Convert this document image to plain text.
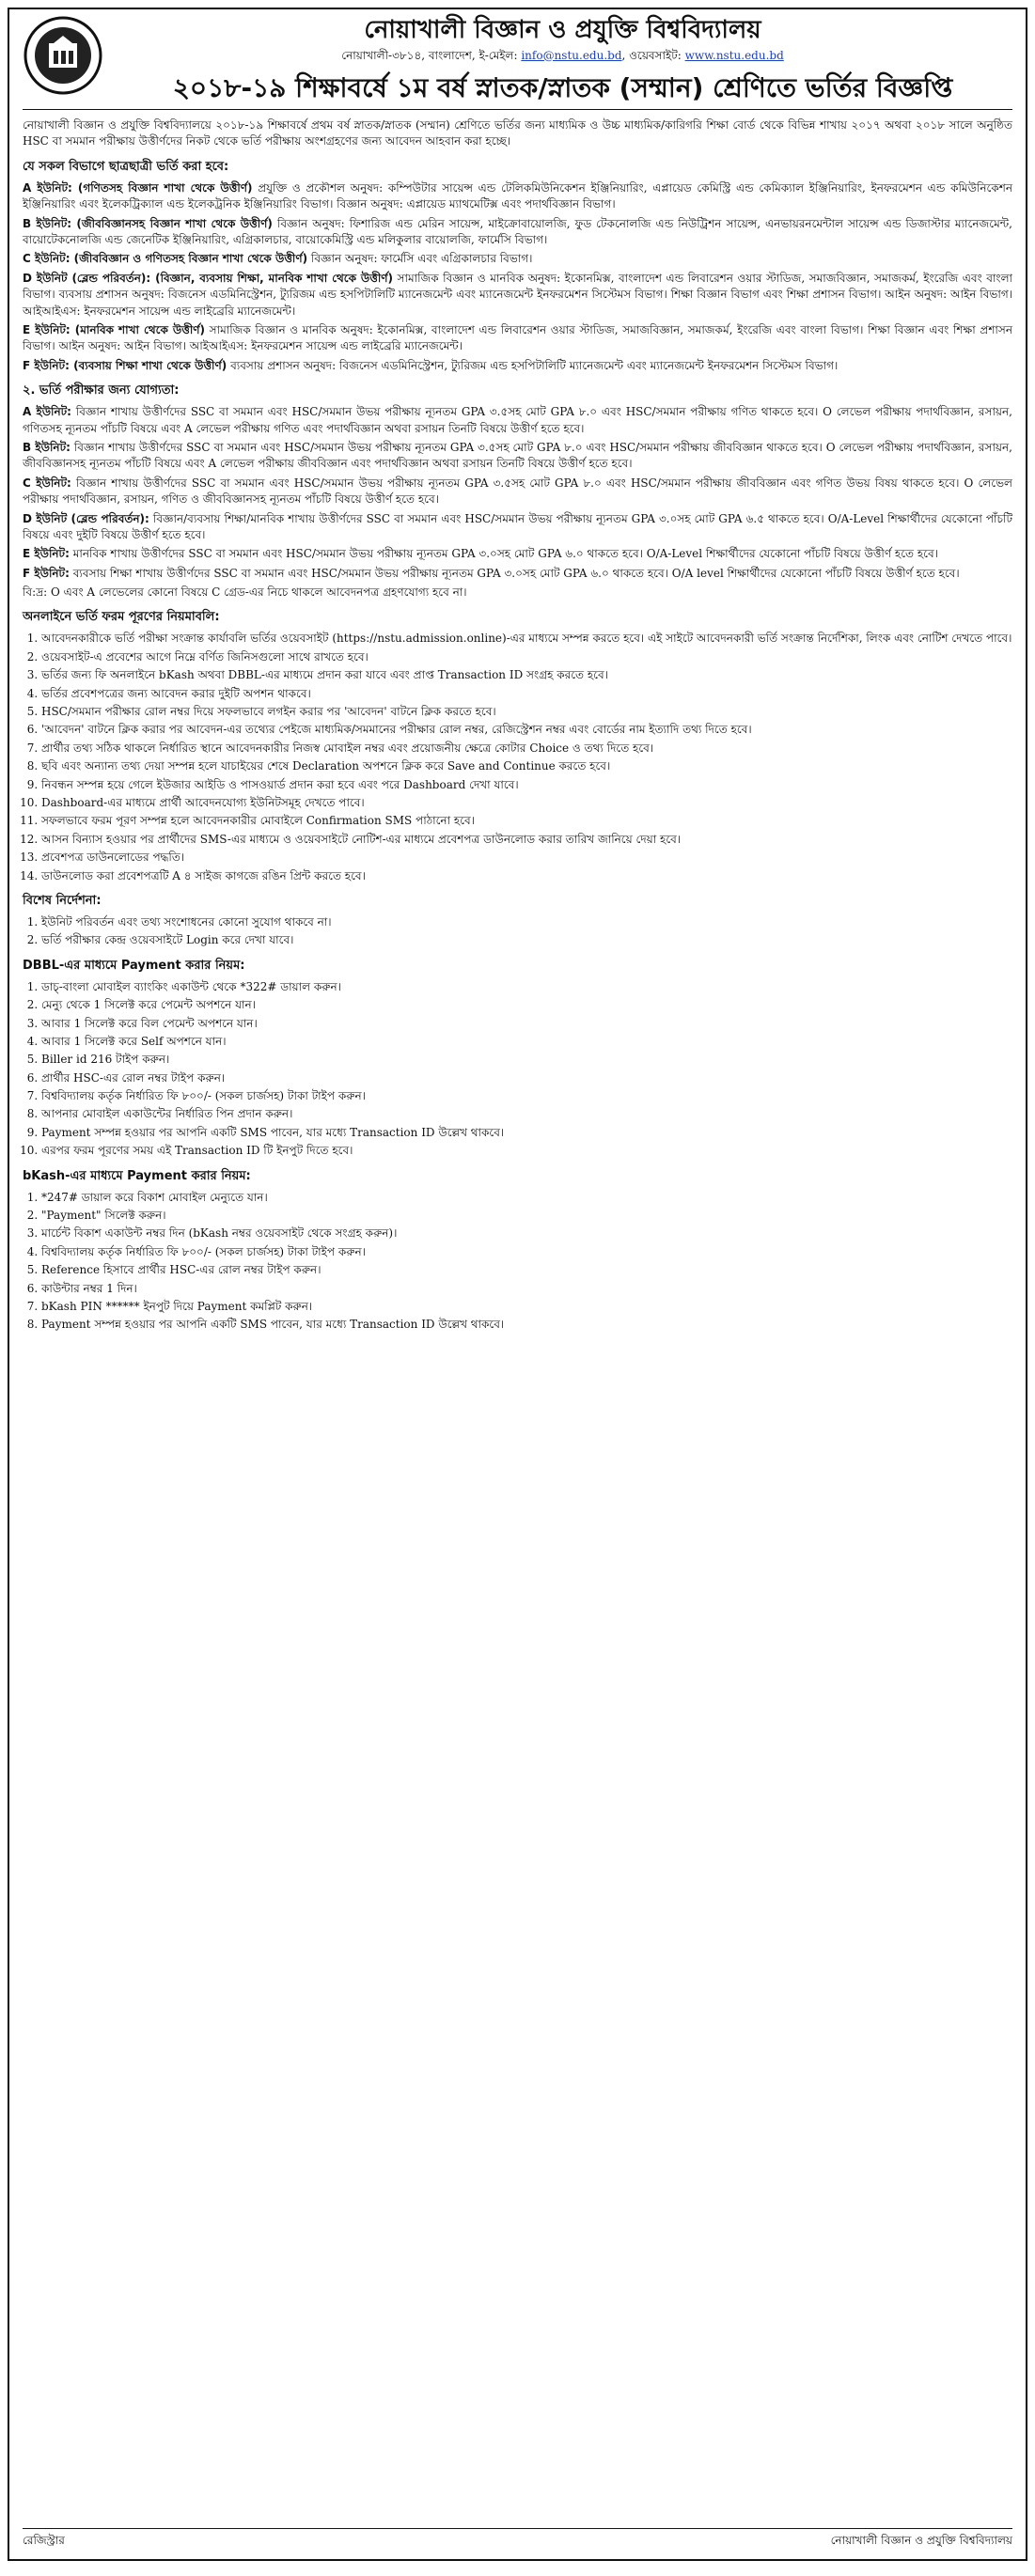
নোয়াখালী বিজ্ঞান ও প্রযুক্তি বিশ্ববিদ্যালয়

নোয়াখালী-৩৮১৪, বাংলাদেশ, ই-মেইল: info@nstu.edu.bd, ওয়েবসাইট: www.nstu.edu.bd

২০১৮-১৯ শিক্ষাবর্ষে ১ম বর্ষ স্নাতক/স্নাতক (সম্মান) শ্রেণিতে ভর্তির বিজ্ঞপ্তি

নোয়াখালী বিজ্ঞান ও প্রযুক্তি বিশ্ববিদ্যালয়ে ২০১৮-১৯ শিক্ষাবর্ষে প্রথম বর্ষ স্নাতক/স্নাতক (সম্মান) শ্রেণিতে ভর্তির জন্য মাধ্যমিক ও উচ্চ মাধ্যমিক/কারিগরি শিক্ষা বোর্ড থেকে বিভিন্ন শাখায় ২০১৭ অথবা ২০১৮ সালে অনুষ্ঠিত HSC বা সমমান পরীক্ষায় উত্তীর্ণদের নিকট থেকে ভর্তি পরীক্ষায় অংশগ্রহণের জন্য আবেদন আহবান করা হচ্ছে।

যে সকল বিভাগে ছাত্রছাত্রী ভর্তি করা হবে:
A ইউনিট: (গণিতসহ বিজ্ঞান শাখা থেকে উত্তীর্ণ) প্রযুক্তি ও প্রকৌশল অনুষদ: কম্পিউটার সায়েন্স এন্ড টেলিকমিউনিকেশন ইঞ্জিনিয়ারিং, এপ্লায়েড কেমিস্ট্রি এন্ড কেমিক্যাল ইঞ্জিনিয়ারিং, ইনফরমেশন এন্ড কমিউনিকেশন ইঞ্জিনিয়ারিং এবং ইলেকট্রিক্যাল এন্ড ইলেকট্রনিক ইঞ্জিনিয়ারিং বিভাগ। বিজ্ঞান অনুষদ: এপ্লায়েড ম্যাথমেটিক্স এবং পদার্থবিজ্ঞান বিভাগ।
B ইউনিট: (জীববিজ্ঞানসহ বিজ্ঞান শাখা থেকে উত্তীর্ণ) বিজ্ঞান অনুষদ: ফিশারিজ এন্ড মেরিন সায়েন্স, মাইক্রোবায়োলজি, ফুড টেকনোলজি এন্ড নিউট্রিশন সায়েন্স, এনভায়রনমেন্টাল সায়েন্স এন্ড ডিজাস্টার ম্যানেজমেন্ট, বায়োটেকনোলজি এন্ড জেনেটিক ইঞ্জিনিয়ারিং, এগ্রিকালচার, বায়োকেমিস্ট্রি এন্ড মলিকুলার বায়োলজি, ফার্মেসি বিভাগ।
C ইউনিট: (জীববিজ্ঞান ও গণিতসহ বিজ্ঞান শাখা থেকে উত্তীর্ণ) বিজ্ঞান অনুষদ: ফার্মেসি এবং এগ্রিকালচার বিভাগ।
D ইউনিট (ব্লেন্ড পরিবর্তন): (বিজ্ঞান, ব্যবসায় শিক্ষা, মানবিক শাখা থেকে উত্তীর্ণ) সামাজিক বিজ্ঞান ও মানবিক অনুষদ: ইকোনমিক্স, বাংলাদেশ এন্ড লিবারেশন ওয়ার স্টাডিজ, সমাজবিজ্ঞান, সমাজকর্ম, ইংরেজি এবং বাংলা বিভাগ। ব্যবসায় প্রশাসন অনুষদ: বিজনেস এডমিনিস্ট্রেশন, ট্যুরিজম এন্ড হসপিটালিটি ম্যানেজমেন্ট এবং ম্যানেজমেন্ট ইনফরমেশন সিস্টেমস বিভাগ। শিক্ষা বিজ্ঞান বিভাগ এবং শিক্ষা প্রশাসন বিভাগ। আইন অনুষদ: আইন বিভাগ। আইআইএস: ইনফরমেশন সায়েন্স এন্ড লাইব্রেরি ম্যানেজমেন্ট।
E ইউনিট: (মানবিক শাখা থেকে উত্তীর্ণ) সামাজিক বিজ্ঞান ও মানবিক অনুষদ: ইকোনমিক্স, বাংলাদেশ এন্ড লিবারেশন ওয়ার স্টাডিজ, সমাজবিজ্ঞান, সমাজকর্ম, ইংরেজি এবং বাংলা বিভাগ। শিক্ষা বিজ্ঞান এবং শিক্ষা প্রশাসন বিভাগ। আইন অনুষদ: আইন বিভাগ। আইআইএস: ইনফরমেশন সায়েন্স এন্ড লাইব্রেরি ম্যানেজমেন্ট।
F ইউনিট: (ব্যবসায় শিক্ষা শাখা থেকে উত্তীর্ণ) ব্যবসায় প্রশাসন অনুষদ: বিজনেস এডমিনিস্ট্রেশন, ট্যুরিজম এন্ড হসপিটালিটি ম্যানেজমেন্ট এবং ম্যানেজমেন্ট ইনফরমেশন সিস্টেমস বিভাগ।
২. ভর্তি পরীক্ষার জন্য যোগ্যতা:
A ইউনিট: বিজ্ঞান শাখায় উত্তীর্ণদের SSC বা সমমান এবং HSC/সমমান উভয় পরীক্ষায় ন্যূনতম GPA ৩.৫সহ মোট GPA ৮.০ এবং HSC/সমমান পরীক্ষায় গণিত থাকতে হবে। O লেভেল পরীক্ষায় পদার্থবিজ্ঞান, রসায়ন, গণিতসহ ন্যূনতম পাঁচটি বিষয়ে এবং A লেভেল পরীক্ষায় গণিত এবং পদার্থবিজ্ঞান অথবা রসায়ন তিনটি বিষয়ে উত্তীর্ণ হতে হবে।
B ইউনিট: বিজ্ঞান শাখায় উত্তীর্ণদের SSC বা সমমান এবং HSC/সমমান উভয় পরীক্ষায় ন্যূনতম GPA ৩.৫সহ মোট GPA ৮.০ এবং HSC/সমমান পরীক্ষায় জীববিজ্ঞান থাকতে হবে। O লেভেল পরীক্ষায় পদার্থবিজ্ঞান, রসায়ন, জীববিজ্ঞানসহ ন্যূনতম পাঁচটি বিষয়ে এবং A লেভেল পরীক্ষায় জীববিজ্ঞান এবং পদার্থবিজ্ঞান অথবা রসায়ন তিনটি বিষয়ে উত্তীর্ণ হতে হবে।
C ইউনিট: বিজ্ঞান শাখায় উত্তীর্ণদের SSC বা সমমান এবং HSC/সমমান উভয় পরীক্ষায় ন্যূনতম GPA ৩.৫সহ মোট GPA ৮.০ এবং HSC/সমমান পরীক্ষায় জীববিজ্ঞান এবং গণিত উভয় বিষয় থাকতে হবে। O লেভেল পরীক্ষায় পদার্থবিজ্ঞান, রসায়ন, গণিত ও জীববিজ্ঞানসহ ন্যূনতম পাঁচটি বিষয়ে উত্তীর্ণ হতে হবে।
D ইউনিট (ব্লেন্ড পরিবর্তন): বিজ্ঞান/ব্যবসায় শিক্ষা/মানবিক শাখায় উত্তীর্ণদের SSC বা সমমান এবং HSC/সমমান উভয় পরীক্ষায় ন্যূনতম GPA ৩.০সহ মোট GPA ৬.৫ থাকতে হবে। O/A-Level শিক্ষার্থীদের যেকোনো পাঁচটি বিষয়ে এবং দুইটি বিষয়ে উত্তীর্ণ হতে হবে।
E ইউনিট: মানবিক শাখায় উত্তীর্ণদের SSC বা সমমান এবং HSC/সমমান উভয় পরীক্ষায় ন্যূনতম GPA ৩.০সহ মোট GPA ৬.০ থাকতে হবে। O/A-Level শিক্ষার্থীদের যেকোনো পাঁচটি বিষয়ে উত্তীর্ণ হতে হবে।
F ইউনিট: ব্যবসায় শিক্ষা শাখায় উত্তীর্ণদের SSC বা সমমান এবং HSC/সমমান উভয় পরীক্ষায় ন্যূনতম GPA ৩.০সহ মোট GPA ৬.০ থাকতে হবে। O/A level শিক্ষার্থীদের যেকোনো পাঁচটি বিষয়ে উত্তীর্ণ হতে হবে।

বি:দ্র: O এবং A লেভেলের কোনো বিষয়ে C গ্রেড-এর নিচে থাকলে আবেদনপত্র গ্রহণযোগ্য হবে না।

অনলাইনে ভর্তি ফরম পূরণের নিয়মাবলি:
1. আবেদনকারীকে ভর্তি পরীক্ষা সংক্রান্ত কার্যাবলি ভর্তির ওয়েবসাইট (https://nstu.admission.online)-এর মাধ্যমে সম্পন্ন করতে হবে। এই সাইটে আবেদনকারী ভর্তি সংক্রান্ত নির্দেশিকা, লিংক এবং নোটিশ দেখতে পাবে।
2. ওয়েবসাইট-এ প্রবেশের আগে নিম্নে বর্ণিত জিনিসগুলো সাথে রাখতে হবে।
3. ভর্তির জন্য ফি অনলাইনে bKash অথবা DBBL-এর মাধ্যমে প্রদান করা যাবে এবং প্রাপ্ত Transaction ID সংগ্রহ করতে হবে।
4. ভর্তির প্রবেশপত্রের জন্য আবেদন করার দুইটি অপশন থাকবে।
5. HSC/সমমান পরীক্ষার রোল নম্বর দিয়ে সফলভাবে লগইন করার পর 'আবেদন' বাটনে ক্লিক করতে হবে।
6. 'আবেদন' বাটনে ক্লিক করার পর আবেদন-এর তথ্যের পেইজে মাধ্যমিক/সমমানের পরীক্ষার রোল নম্বর, রেজিস্ট্রেশন নম্বর এবং বোর্ডের নাম ইত্যাদি তথ্য দিতে হবে।
7. প্রার্থীর তথ্য সঠিক থাকলে নির্ধারিত স্থানে আবেদনকারীর নিজস্ব মোবাইল নম্বর এবং প্রয়োজনীয় ক্ষেত্রে কোটার Choice ও তথ্য দিতে হবে।
8. ছবি এবং অন্যান্য তথ্য দেয়া সম্পন্ন হলে যাচাইয়ের শেষে Declaration অপশনে ক্লিক করে Save and Continue করতে হবে।
9. নিবন্ধন সম্পন্ন হয়ে গেলে ইউজার আইডি ও পাসওয়ার্ড প্রদান করা হবে এবং পরে Dashboard দেখা যাবে।
10. Dashboard-এর মাধ্যমে প্রার্থী আবেদনযোগ্য ইউনিটসমূহ দেখতে পাবে।
11. সফলভাবে ফরম পূরণ সম্পন্ন হলে আবেদনকারীর মোবাইলে Confirmation SMS পাঠানো হবে।
12. আসন বিন্যাস হওয়ার পর প্রার্থীদের SMS-এর মাধ্যমে ও ওয়েবসাইটে নোটিশ-এর মাধ্যমে প্রবেশপত্র ডাউনলোড করার তারিখ জানিয়ে দেয়া হবে।
13. প্রবেশপত্র ডাউনলোডের পদ্ধতি।
14. ডাউনলোড করা প্রবেশপত্রটি A ৪ সাইজ কাগজে রঙিন প্রিন্ট করতে হবে।
বিশেষ নির্দেশনা:
1. ইউনিট পরিবর্তন এবং তথ্য সংশোধনের কোনো সুযোগ থাকবে না।
2. ভর্তি পরীক্ষার কেন্দ্র ওয়েবসাইটে Login করে দেখা যাবে।
DBBL-এর মাধ্যমে Payment করার নিয়ম:
1. ডাচ্-বাংলা মোবাইল ব্যাংকিং একাউন্ট থেকে *322# ডায়াল করুন।
2. মেন্যু থেকে 1 সিলেক্ট করে পেমেন্ট অপশনে যান।
3. আবার 1 সিলেক্ট করে বিল পেমেন্ট অপশনে যান।
4. আবার 1 সিলেক্ট করে Self অপশনে যান।
5. Biller id 216 টাইপ করুন।
6. প্রার্থীর HSC-এর রোল নম্বর টাইপ করুন।
7. বিশ্ববিদ্যালয় কর্তৃক নির্ধারিত ফি ৮০০/- (সকল চার্জসহ) টাকা টাইপ করুন।
8. আপনার মোবাইল একাউন্টের নির্ধারিত পিন প্রদান করুন।
9. Payment সম্পন্ন হওয়ার পর আপনি একটি SMS পাবেন, যার মধ্যে Transaction ID উল্লেখ থাকবে।
10. এরপর ফরম পূরণের সময় এই Transaction ID টি ইনপুট দিতে হবে।
bKash-এর মাধ্যমে Payment করার নিয়ম:
1. *247# ডায়াল করে বিকাশ মোবাইল মেন্যুতে যান।
2. "Payment" সিলেক্ট করুন।
3. মার্চেন্ট বিকাশ একাউন্ট নম্বর দিন (bKash নম্বর ওয়েবসাইট থেকে সংগ্রহ করুন)।
4. বিশ্ববিদ্যালয় কর্তৃক নির্ধারিত ফি ৮০০/- (সকল চার্জসহ) টাকা টাইপ করুন।
5. Reference হিসাবে প্রার্থীর HSC-এর রোল নম্বর টাইপ করুন।
6. কাউন্টার নম্বর 1 দিন।
7. bKash PIN ****** ইনপুট দিয়ে Payment কমপ্লিট করুন।
8. Payment সম্পন্ন হওয়ার পর আপনি একটি SMS পাবেন, যার মধ্যে Transaction ID উল্লেখ থাকবে।
রেজিস্ট্রার	নোয়াখালী বিজ্ঞান ও প্রযুক্তি বিশ্ববিদ্যালয়
